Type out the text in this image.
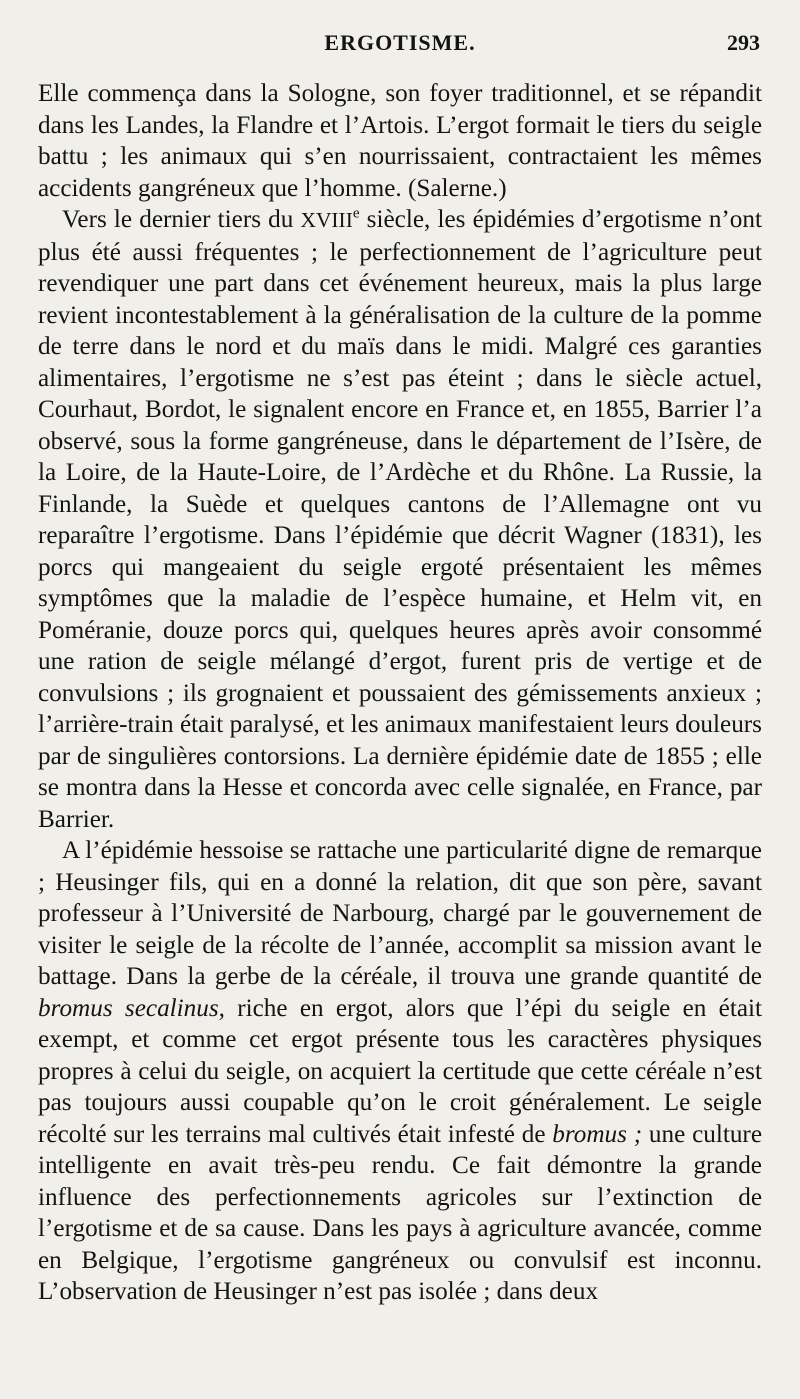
ERGOTISME.	293

Elle commença dans la Sologne, son foyer traditionnel, et se répandit dans les Landes, la Flandre et l’Artois. L’ergot formait le tiers du seigle battu ; les animaux qui s’en nourrissaient, contractaient les mêmes accidents gangréneux que l’homme. (Salerne.)

Vers le dernier tiers du XVIIIe siècle, les épidémies d’ergotisme n’ont plus été aussi fréquentes ; le perfectionnement de l’agriculture peut revendiquer une part dans cet événement heureux, mais la plus large revient incontestablement à la généralisation de la culture de la pomme de terre dans le nord et du maïs dans le midi. Malgré ces garanties alimentaires, l’ergotisme ne s’est pas éteint ; dans le siècle actuel, Courhaut, Bordot, le signalent encore en France et, en 1855, Barrier l’a observé, sous la forme gangréneuse, dans le département de l’Isère, de la Loire, de la Haute-Loire, de l’Ardèche et du Rhône. La Russie, la Finlande, la Suède et quelques cantons de l’Allemagne ont vu reparaître l’ergotisme. Dans l’épidémie que décrit Wagner (1831), les porcs qui mangeaient du seigle ergoté présentaient les mêmes symptômes que la maladie de l’espèce humaine, et Helm vit, en Poméranie, douze porcs qui, quelques heures après avoir consommé une ration de seigle mélangé d’ergot, furent pris de vertige et de convulsions ; ils grognaient et poussaient des gémissements anxieux ; l’arrière-train était paralysé, et les animaux manifestaient leurs douleurs par de singulières contorsions. La dernière épidémie date de 1855 ; elle se montra dans la Hesse et concorda avec celle signalée, en France, par Barrier.

A l’épidémie hessoise se rattache une particularité digne de remarque ; Heusinger fils, qui en a donné la relation, dit que son père, savant professeur à l’Université de Narbourg, chargé par le gouvernement de visiter le seigle de la récolte de l’année, accomplit sa mission avant le battage. Dans la gerbe de la céréale, il trouva une grande quantité de bromus secalinus, riche en ergot, alors que l’épi du seigle en était exempt, et comme cet ergot présente tous les caractères physiques propres à celui du seigle, on acquiert la certitude que cette céréale n’est pas toujours aussi coupable qu’on le croit généralement. Le seigle récolté sur les terrains mal cultivés était infesté de bromus ; une culture intelligente en avait très-peu rendu. Ce fait démontre la grande influence des perfectionnements agricoles sur l’extinction de l’ergotisme et de sa cause. Dans les pays à agriculture avancée, comme en Belgique, l’ergotisme gangréneux ou convulsif est inconnu. L’observation de Heusinger n’est pas isolée ; dans deux
